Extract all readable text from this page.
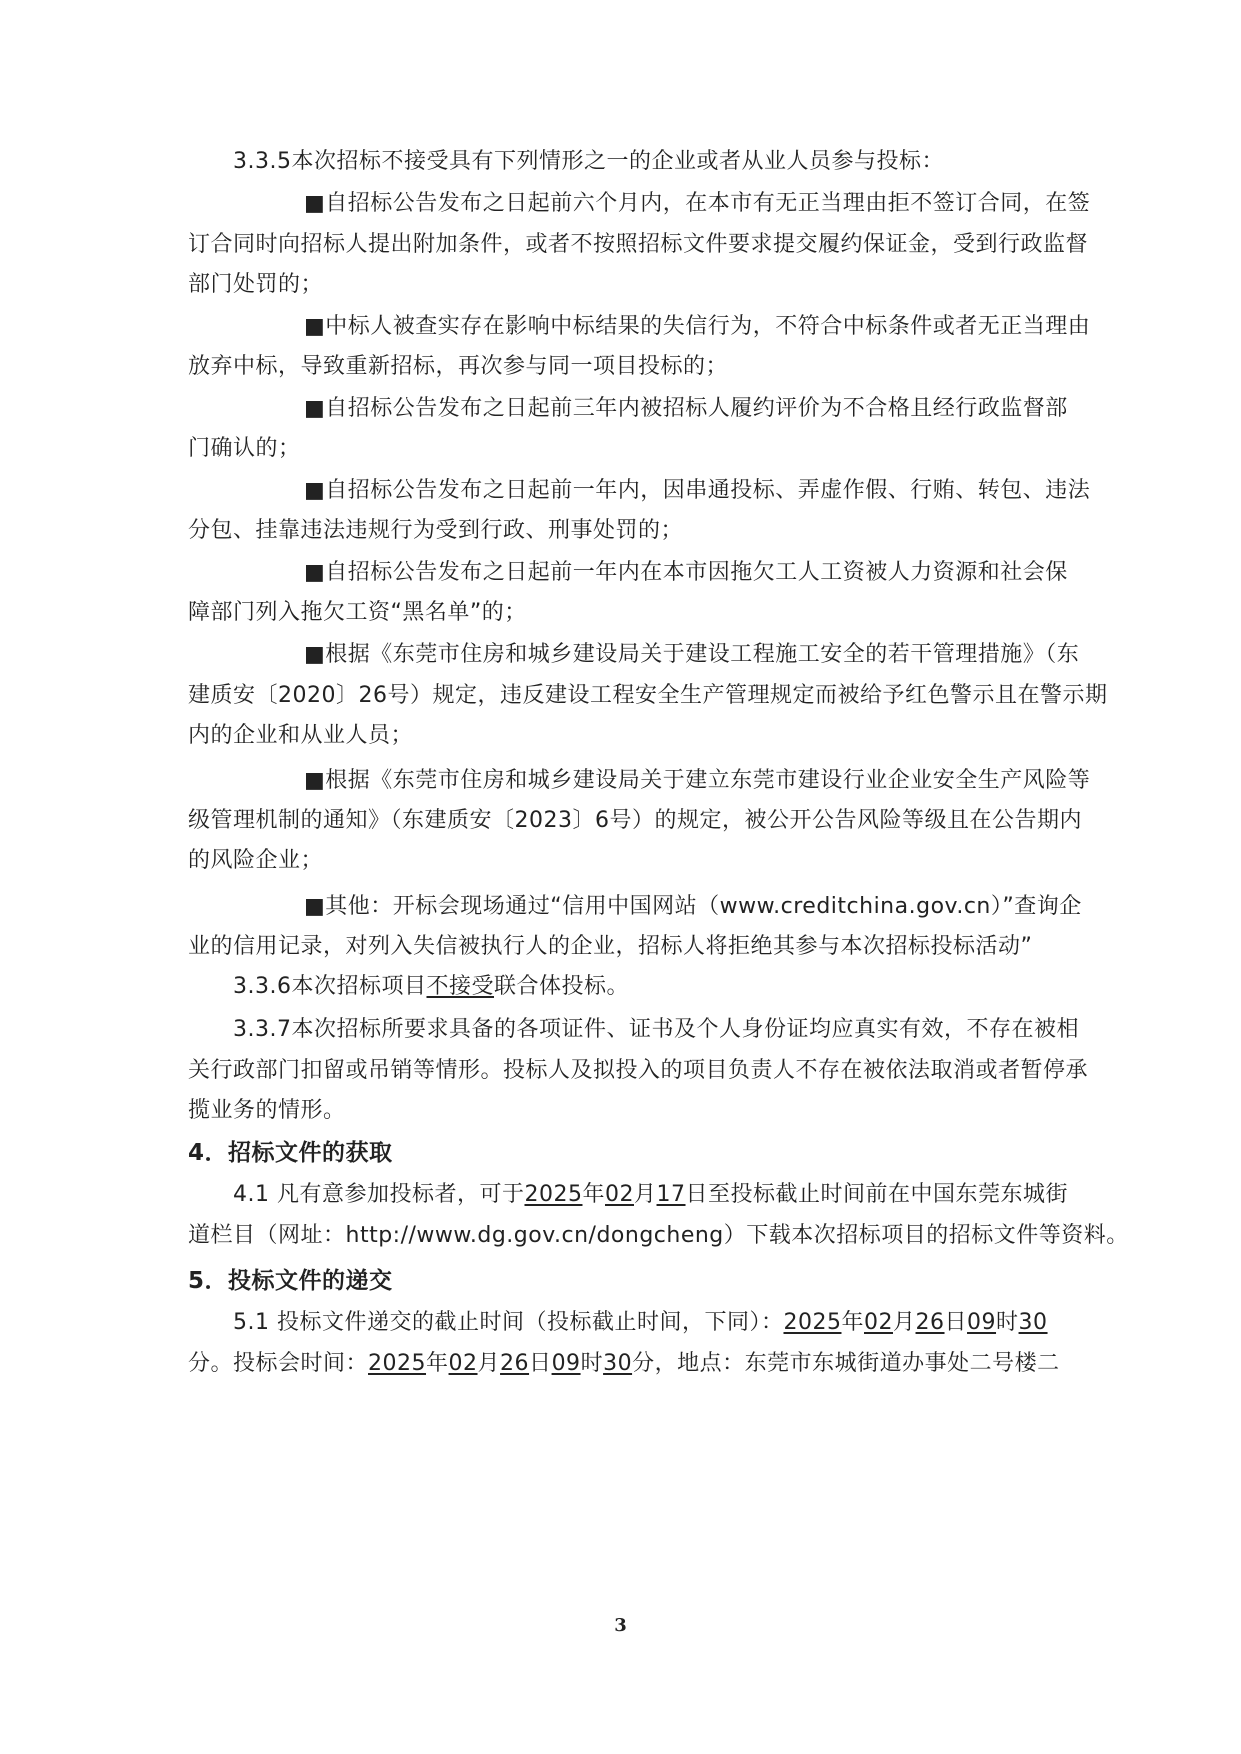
3.3.5本次招标不接受具有下列情形之一的企业或者从业人员参与投标：
■自招标公告发布之日起前六个月内，在本市有无正当理由拒不签订合同，在签
订合同时向招标人提出附加条件，或者不按照招标文件要求提交履约保证金，受到行政监督
部门处罚的；
■中标人被查实存在影响中标结果的失信行为，不符合中标条件或者无正当理由
放弃中标，导致重新招标，再次参与同一项目投标的；
■自招标公告发布之日起前三年内被招标人履约评价为不合格且经行政监督部
门确认的；
■自招标公告发布之日起前一年内，因串通投标、弄虚作假、行贿、转包、违法
分包、挂靠违法违规行为受到行政、刑事处罚的；
■自招标公告发布之日起前一年内在本市因拖欠工人工资被人力资源和社会保
障部门列入拖欠工资“黑名单”的；
■根据《东莞市住房和城乡建设局关于建设工程施工安全的若干管理措施》（东
建质安〔2020〕26号）规定，违反建设工程安全生产管理规定而被给予红色警示且在警示期
内的企业和从业人员；
■根据《东莞市住房和城乡建设局关于建立东莞市建设行业企业安全生产风险等
级管理机制的通知》（东建质安〔2023〕6号）的规定，被公开公告风险等级且在公告期内
的风险企业；
■其他：开标会现场通过“信用中国网站（www.creditchina.gov.cn）”查询企
业的信用记录，对列入失信被执行人的企业，招标人将拒绝其参与本次招标投标活动”
3.3.6本次招标项目不接受联合体投标。
3.3.7本次招标所要求具备的各项证件、证书及个人身份证均应真实有效，不存在被相
关行政部门扣留或吊销等情形。投标人及拟投入的项目负责人不存在被依法取消或者暂停承
揽业务的情形。
4．招标文件的获取
4.1 凡有意参加投标者，可于2025年02月17日至投标截止时间前在中国东莞东城街
道栏目（网址：http://www.dg.gov.cn/dongcheng）下载本次招标项目的招标文件等资料。
5．投标文件的递交
5.1 投标文件递交的截止时间（投标截止时间，下同）：2025年02月26日09时30
分。投标会时间：2025年02月26日09时30分，地点：东莞市东城街道办事处二号楼二
3
